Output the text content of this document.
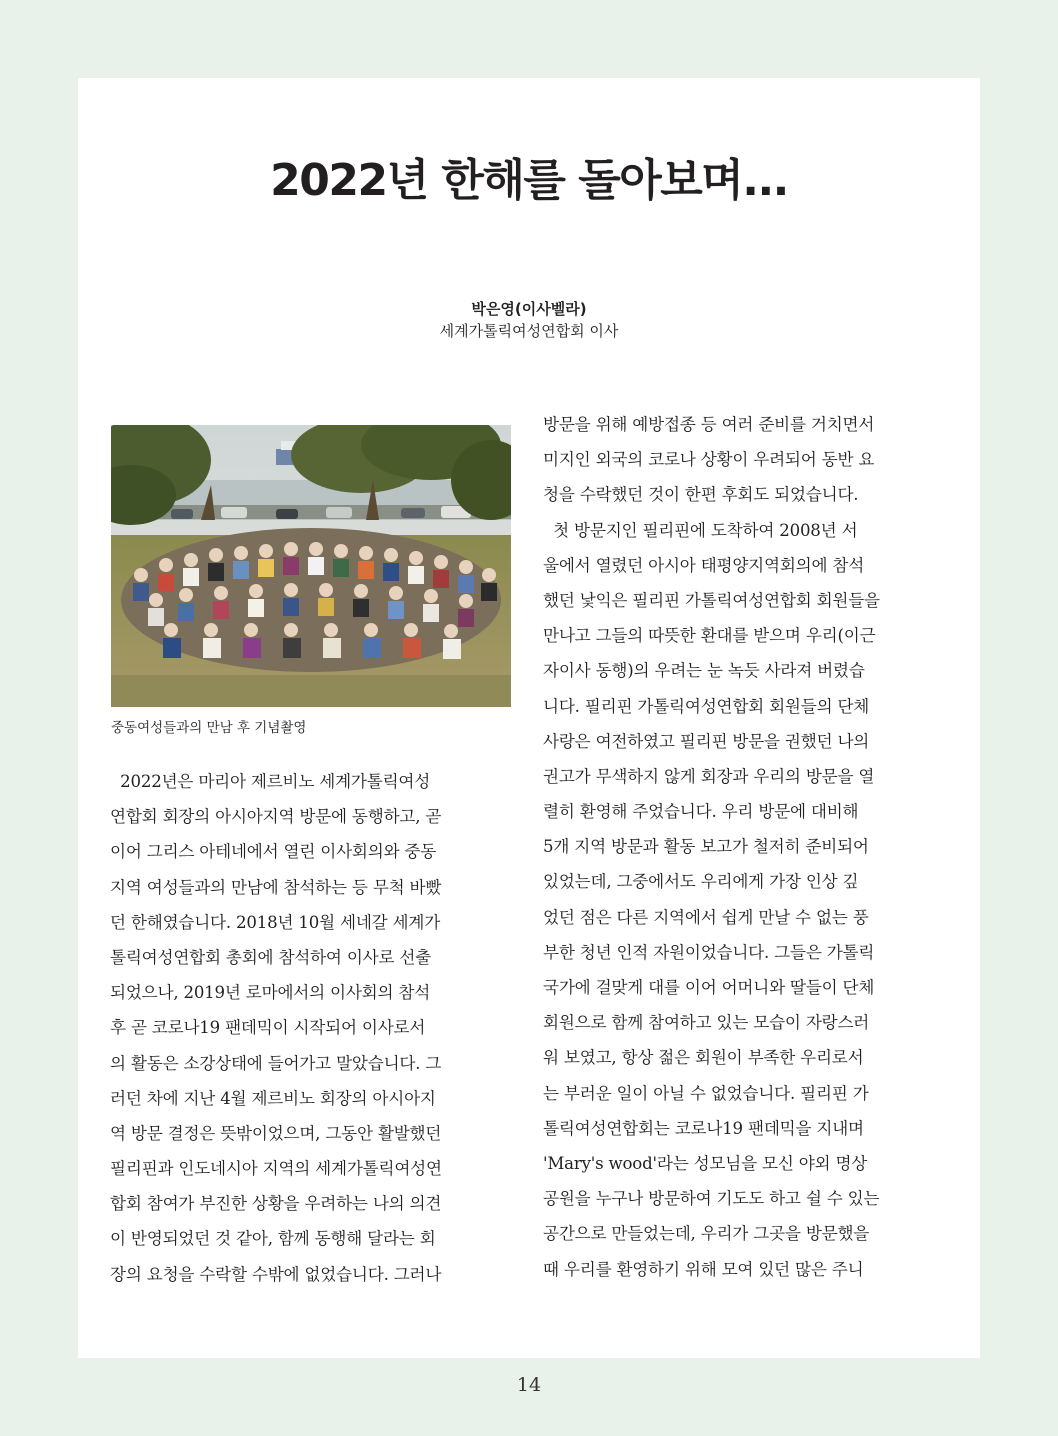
2022년 한해를 돌아보며...
박은영(이사벨라)
세계가톨릭여성연합회 이사
중동여성들과의 만남 후 기념촬영
2022년은 마리아 제르비노 세계가톨릭여성
연합회 회장의 아시아지역 방문에 동행하고, 곧
이어 그리스 아테네에서 열린 이사회의와 중동
지역 여성들과의 만남에 참석하는 등 무척 바빴
던 한해였습니다. 2018년 10월 세네갈 세계가
톨릭여성연합회 총회에 참석하여 이사로 선출
되었으나, 2019년 로마에서의 이사회의 참석
후 곧 코로나19 팬데믹이 시작되어 이사로서
의 활동은 소강상태에 들어가고 말았습니다. 그
러던 차에 지난 4월 제르비노 회장의 아시아지
역 방문 결정은 뜻밖이었으며, 그동안 활발했던
필리핀과 인도네시아 지역의 세계가톨릭여성연
합회 참여가 부진한 상황을 우려하는 나의 의견
이 반영되었던 것 같아, 함께 동행해 달라는 회
장의 요청을 수락할 수밖에 없었습니다. 그러나
방문을 위해 예방접종 등 여러 준비를 거치면서
미지인 외국의 코로나 상황이 우려되어 동반 요
청을 수락했던 것이 한편 후회도 되었습니다.
첫 방문지인 필리핀에 도착하여 2008년 서
울에서 열렸던 아시아 태평양지역회의에 참석
했던 낯익은 필리핀 가톨릭여성연합회 회원들을
만나고 그들의 따뜻한 환대를 받으며 우리(이근
자이사 동행)의 우려는 눈 녹듯 사라져 버렸습
니다. 필리핀 가톨릭여성연합회 회원들의 단체
사랑은 여전하였고 필리핀 방문을 권했던 나의
권고가 무색하지 않게 회장과 우리의 방문을 열
렬히 환영해 주었습니다. 우리 방문에 대비해
5개 지역 방문과 활동 보고가 철저히 준비되어
있었는데, 그중에서도 우리에게 가장 인상 깊
었던 점은 다른 지역에서 쉽게 만날 수 없는 풍
부한 청년 인적 자원이었습니다. 그들은 가톨릭
국가에 걸맞게 대를 이어 어머니와 딸들이 단체
회원으로 함께 참여하고 있는 모습이 자랑스러
워 보였고, 항상 젊은 회원이 부족한 우리로서
는 부러운 일이 아닐 수 없었습니다. 필리핀 가
톨릭여성연합회는 코로나19 팬데믹을 지내며
'Mary's wood'라는 성모님을 모신 야외 명상
공원을 누구나 방문하여 기도도 하고 쉴 수 있는
공간으로 만들었는데, 우리가 그곳을 방문했을
때 우리를 환영하기 위해 모여 있던 많은 주니
14
